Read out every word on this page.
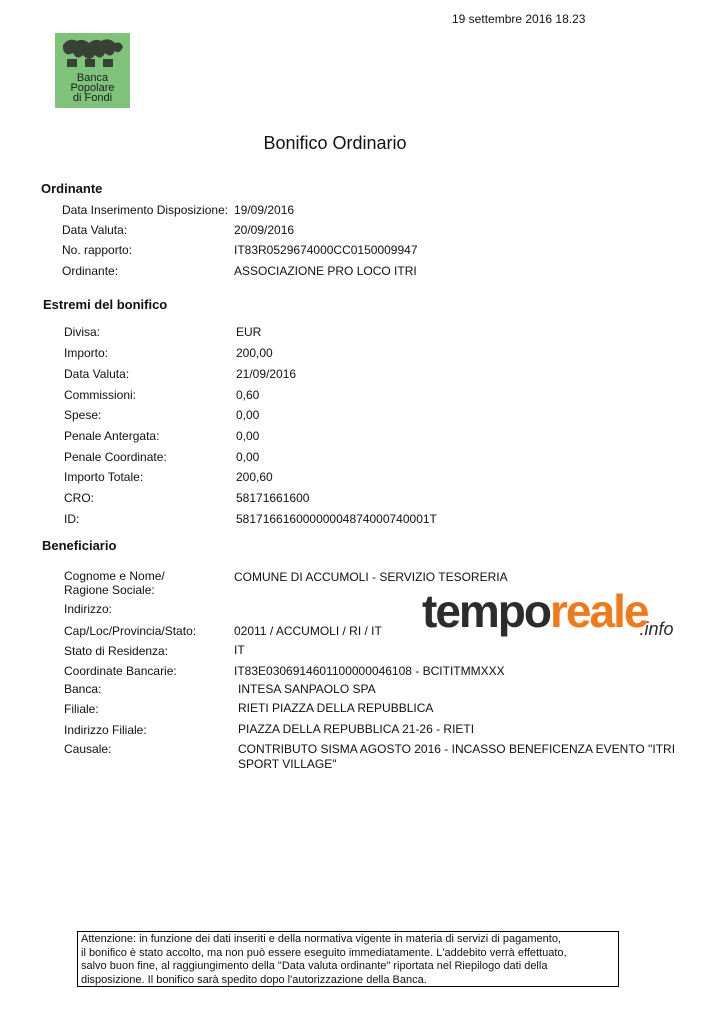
19 settembre 2016 18.23
Banca
Popolare
di Fondi
Bonifico Ordinario
Ordinante
Data Inserimento Disposizione: 19/09/2016
Data Valuta:	20/09/2016
No. rapporto:	IT83R0529674000CC0150009947
Ordinante:	ASSOCIAZIONE PRO LOCO ITRI
Estremi del bonifico
Divisa:	EUR
Importo:	200,00
Data Valuta:	21/09/2016
Commissioni:	0,60
Spese:	0,00
Penale Antergata:	0,00
Penale Coordinate:	0,00
Importo Totale:	200,60
CRO:	58171661600
ID:	58171661600000004874000740001T
Beneficiario
Cognome e Nome/	COMUNE DI ACCUMOLI - SERVIZIO TESORERIA
Ragione Sociale:
Indirizzo:
Cap/Loc/Provincia/Stato:	02011 / ACCUMOLI / RI / IT
Stato di Residenza:	IT
Coordinate Bancarie:	IT83E0306914601100000046108 - BCITITMMXXX
Banca:	INTESA SANPAOLO SPA
Filiale:	RIETI PIAZZA DELLA REPUBBLICA
Indirizzo Filiale:	PIAZZA DELLA REPUBBLICA 21-26 - RIETI
Causale:	CONTRIBUTO SISMA AGOSTO 2016 - INCASSO BENEFICENZA EVENTO "ITRI
SPORT VILLAGE"
temporeale.info
Attenzione: in funzione dei dati inseriti e della normativa vigente in materia di servizi di pagamento,
il bonifico è stato accolto, ma non può essere eseguito immediatamente. L'addebito verrà effettuato,
salvo buon fine, al raggiungimento della "Data valuta ordinante" riportata nel Riepilogo dati della
disposizione. Il bonifico sarà spedito dopo l'autorizzazione della Banca.
